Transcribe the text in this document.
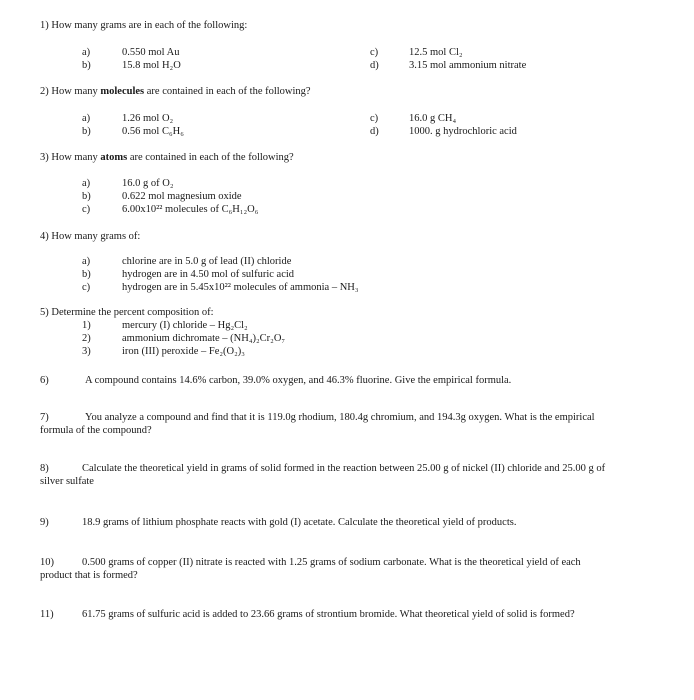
1) How many grams are in each of the following:
a)	0.550 mol Au
b)	15.8 mol H₂O
c)	12.5 mol Cl₂
d)	3.15 mol ammonium nitrate
2) How many molecules are contained in each of the following?
a)	1.26 mol O₂
b)	0.56 mol C₆H₆
c)	16.0 g CH₄
d)	1000. g hydrochloric acid
3) How many atoms are contained in each of the following?
a)	16.0 g of O₂
b)	0.622 mol magnesium oxide
c)	6.00x10²² molecules of C₆H₁₂O₆
4) How many grams of:
a)	chlorine are in 5.0 g of lead (II) chloride
b)	hydrogen are in 4.50 mol of sulfuric acid
c)	hydrogen are in 5.45x10²² molecules of ammonia – NH₃
5) Determine the percent composition of:
1)	mercury (I) chloride – Hg₂Cl₂
2)	ammonium dichromate – (NH₄)₂Cr₂O₇
3)	iron (III) peroxide – Fe₂(O₂)₃
6)	A compound contains 14.6% carbon, 39.0% oxygen, and 46.3% fluorine. Give the empirical formula.
7)	You analyze a compound and find that it is 119.0g rhodium, 180.4g chromium, and 194.3g oxygen. What is the empirical
formula of the compound?
8)	Calculate the theoretical yield in grams of solid formed in the reaction between 25.00 g of nickel (II) chloride and 25.00 g of
silver sulfate
9)	18.9 grams of lithium phosphate reacts with gold (I) acetate. Calculate the theoretical yield of products.
10)	0.500 grams of copper (II) nitrate is reacted with 1.25 grams of sodium carbonate. What is the theoretical yield of each
product that is formed?
11)	61.75 grams of sulfuric acid is added to 23.66 grams of strontium bromide. What theoretical yield of solid is formed?
